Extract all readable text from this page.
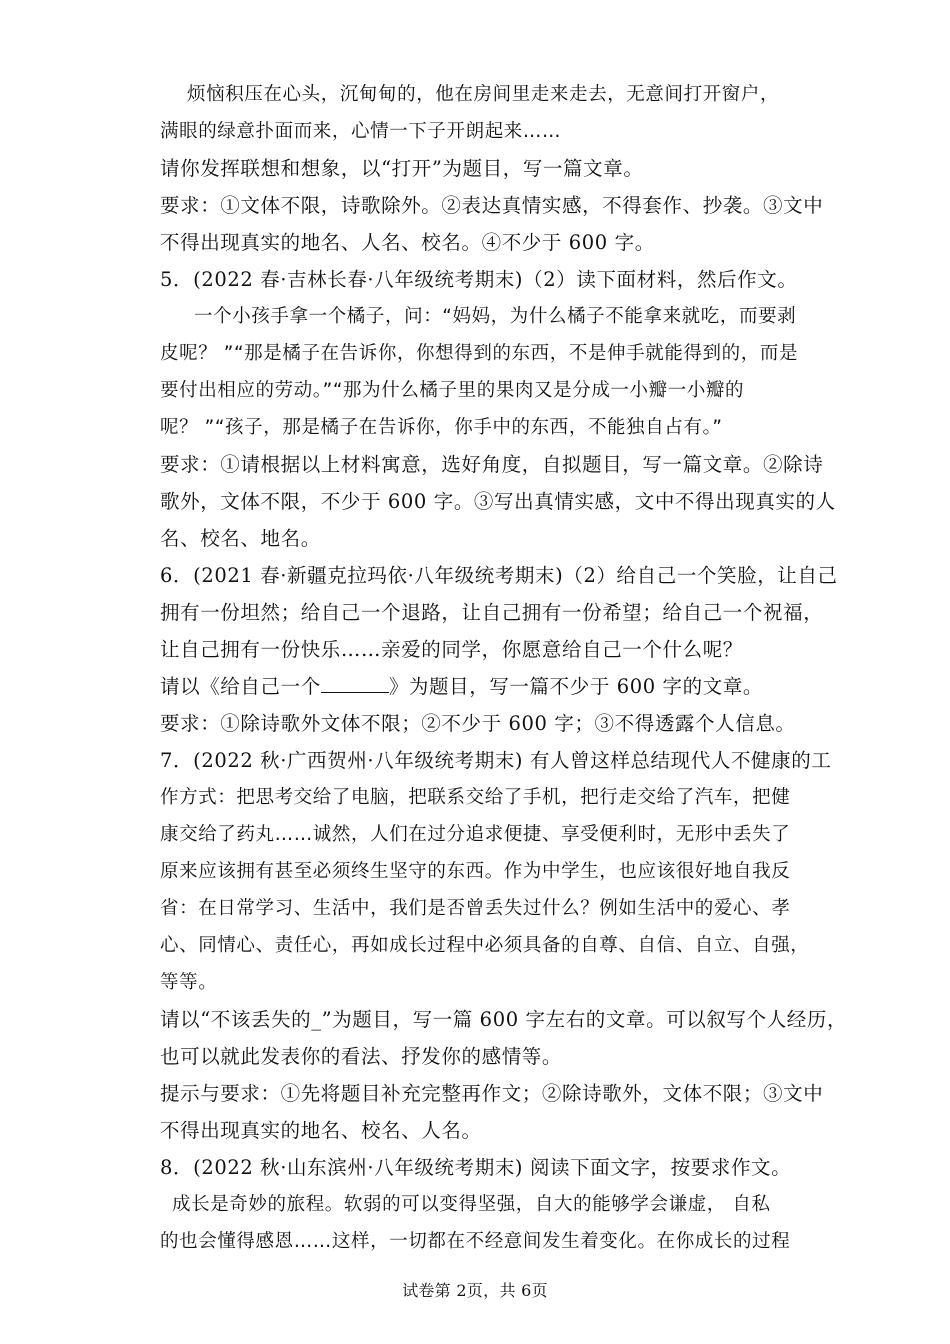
烦恼积压在心头，沉甸甸的，他在房间里走来走去，无意间打开窗户，
满眼的绿意扑面而来，心情一下子开朗起来……
请你发挥联想和想象，以“打开”为题目，写一篇文章。
要求：①文体不限，诗歌除外。②表达真情实感，不得套作、抄袭。③文中
不得出现真实的地名、人名、校名。④不少于 600 字。
5．(2022 春·吉林长春·八年级统考期末)（2）读下面材料，然后作文。
一个小孩手拿一个橘子，问：“妈妈，为什么橘子不能拿来就吃，而要剥
皮呢？ ”“那是橘子在告诉你，你想得到的东西，不是伸手就能得到的，而是
要付出相应的劳动。”“那为什么橘子里的果肉又是分成一小瓣一小瓣的
呢？ ”“孩子，那是橘子在告诉你，你手中的东西，不能独自占有。”
要求：①请根据以上材料寓意，选好角度，自拟题目，写一篇文章。②除诗
歌外，文体不限，不少于 600 字。③写出真情实感，文中不得出现真实的人
名、校名、地名。
6．(2021 春·新疆克拉玛依·八年级统考期末)（2）给自己一个笑脸，让自己
拥有一份坦然；给自己一个退路，让自己拥有一份希望；给自己一个祝福，
让自己拥有一份快乐……亲爱的同学，你愿意给自己一个什么呢？
请以《给自己一个	》为题目，写一篇不少于 600 字的文章。
要求：①除诗歌外文体不限；②不少于 600 字；③不得透露个人信息。
7．(2022 秋·广西贺州·八年级统考期末) 有人曾这样总结现代人不健康的工
作方式：把思考交给了电脑，把联系交给了手机，把行走交给了汽车，把健
康交给了药丸……诚然，人们在过分追求便捷、享受便利时，无形中丢失了
原来应该拥有甚至必须终生坚守的东西。作为中学生，也应该很好地自我反
省：在日常学习、生活中，我们是否曾丢失过什么？例如生活中的爱心、孝
心、同情心、责任心，再如成长过程中必须具备的自尊、自信、自立、自强，
等等。
请以“不该丢失的_”为题目，写一篇 600 字左右的文章。可以叙写个人经历，
也可以就此发表你的看法、抒发你的感情等。
提示与要求：①先将题目补充完整再作文；②除诗歌外，文体不限；③文中
不得出现真实的地名、校名、人名。
8．(2022 秋·山东滨州·八年级统考期末) 阅读下面文字，按要求作文。
成长是奇妙的旅程。软弱的可以变得坚强，自大的能够学会谦虚， 自私
的也会懂得感恩……这样，一切都在不经意间发生着变化。在你成长的过程
试卷第 2页，共 6页
